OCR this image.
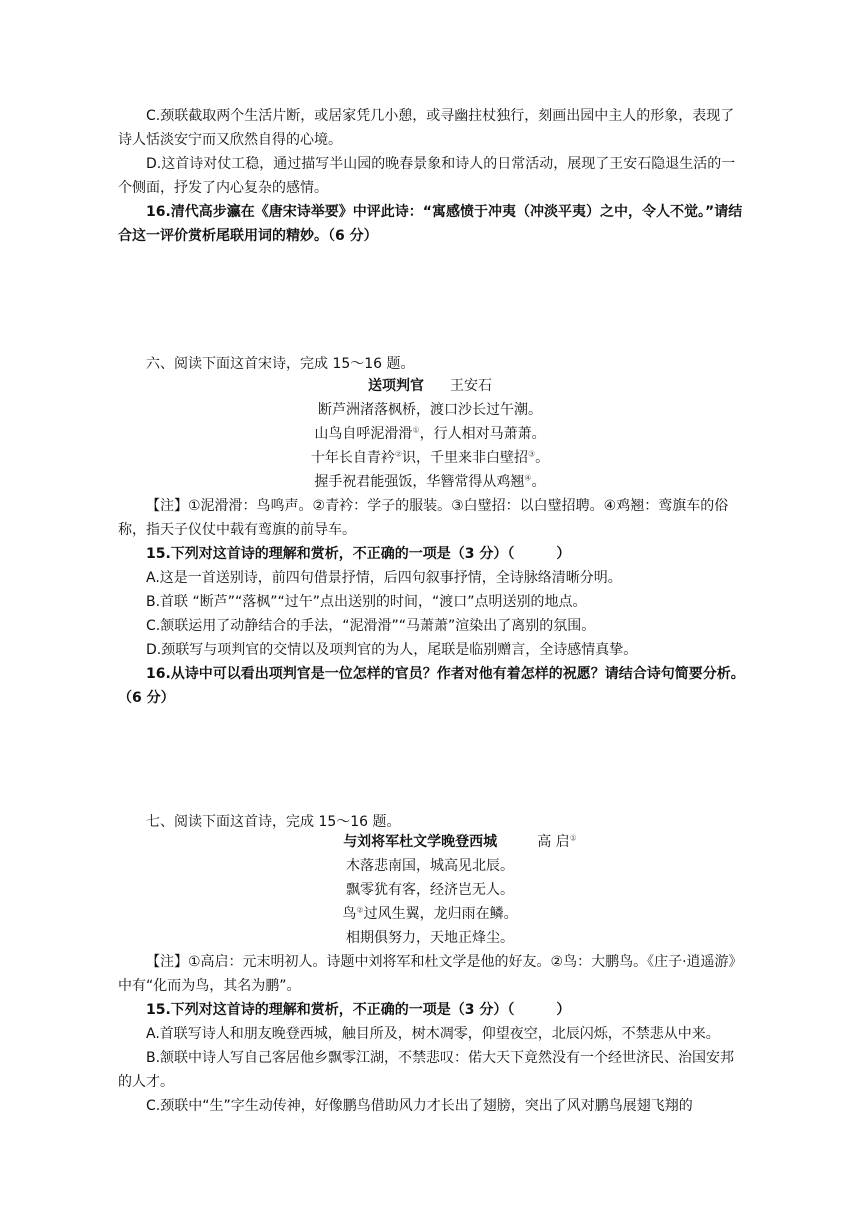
C.颈联截取两个生活片断，或居家凭几小憩，或寻幽拄杖独行，刻画出园中主人的形象，表现了诗人恬淡安宁而又欣然自得的心境。

D.这首诗对仗工稳，通过描写半山园的晚春景象和诗人的日常活动，展现了王安石隐退生活的一个侧面，抒发了内心复杂的感情。

16.清代高步瀛在《唐宋诗举要》中评此诗：“寓感愤于冲夷（冲淡平夷）之中，令人不觉。”请结合这一评价赏析尾联用词的精妙。（6 分）

六、阅读下面这首宋诗，完成 15～16 题。

送项判官 王安石

断芦洲渚落枫桥，渡口沙长过午潮。

山鸟自呼泥滑滑①，行人相对马萧萧。

十年长自青衿②识，千里来非白壁招③。

握手祝君能强饭，华簪常得从鸡翘④。

【注】①泥滑滑：鸟鸣声。②青衿：学子的服装。③白璧招：以白璧招聘。④鸡翘：鸾旗车的俗称，指天子仪仗中载有鸾旗的前导车。

15.下列对这首诗的理解和赏析，不正确的一项是（3 分）（　　　）

A.这是一首送别诗，前四句借景抒情，后四句叙事抒情，全诗脉络清晰分明。

B.首联 “断芦”“落枫”“过午”点出送别的时间，“渡口”点明送别的地点。

C.颔联运用了动静结合的手法，“泥滑滑”“马萧萧”渲染出了离别的氛围。

D.颈联写与项判官的交情以及项判官的为人，尾联是临别赠言，全诗感情真挚。

16.从诗中可以看出项判官是一位怎样的官员？作者对他有着怎样的祝愿？请结合诗句简要分析。（6 分）

七、阅读下面这首诗，完成 15～16 题。

与刘将军杜文学晚登西城	高 启①

木落悲南国，城高见北辰。

飘零犹有客，经济岂无人。

鸟②过风生翼，龙归雨在鳞。

相期俱努力，天地正烽尘。

【注】①高启：元末明初人。诗题中刘将军和杜文学是他的好友。②鸟：大鹏鸟。《庄子·逍遥游》中有“化而为鸟，其名为鹏”。

15.下列对这首诗的理解和赏析，不正确的一项是（3 分）（　　　）

A.首联写诗人和朋友晚登西城，触目所及，树木凋零，仰望夜空，北辰闪烁，不禁悲从中来。

B.颔联中诗人写自己客居他乡飘零江湖，不禁悲叹：偌大天下竟然没有一个经世济民、治国安邦的人才。

C.颈联中“生”字生动传神，好像鹏鸟借助风力才长出了翅膀，突出了风对鹏鸟展翅飞翔的
